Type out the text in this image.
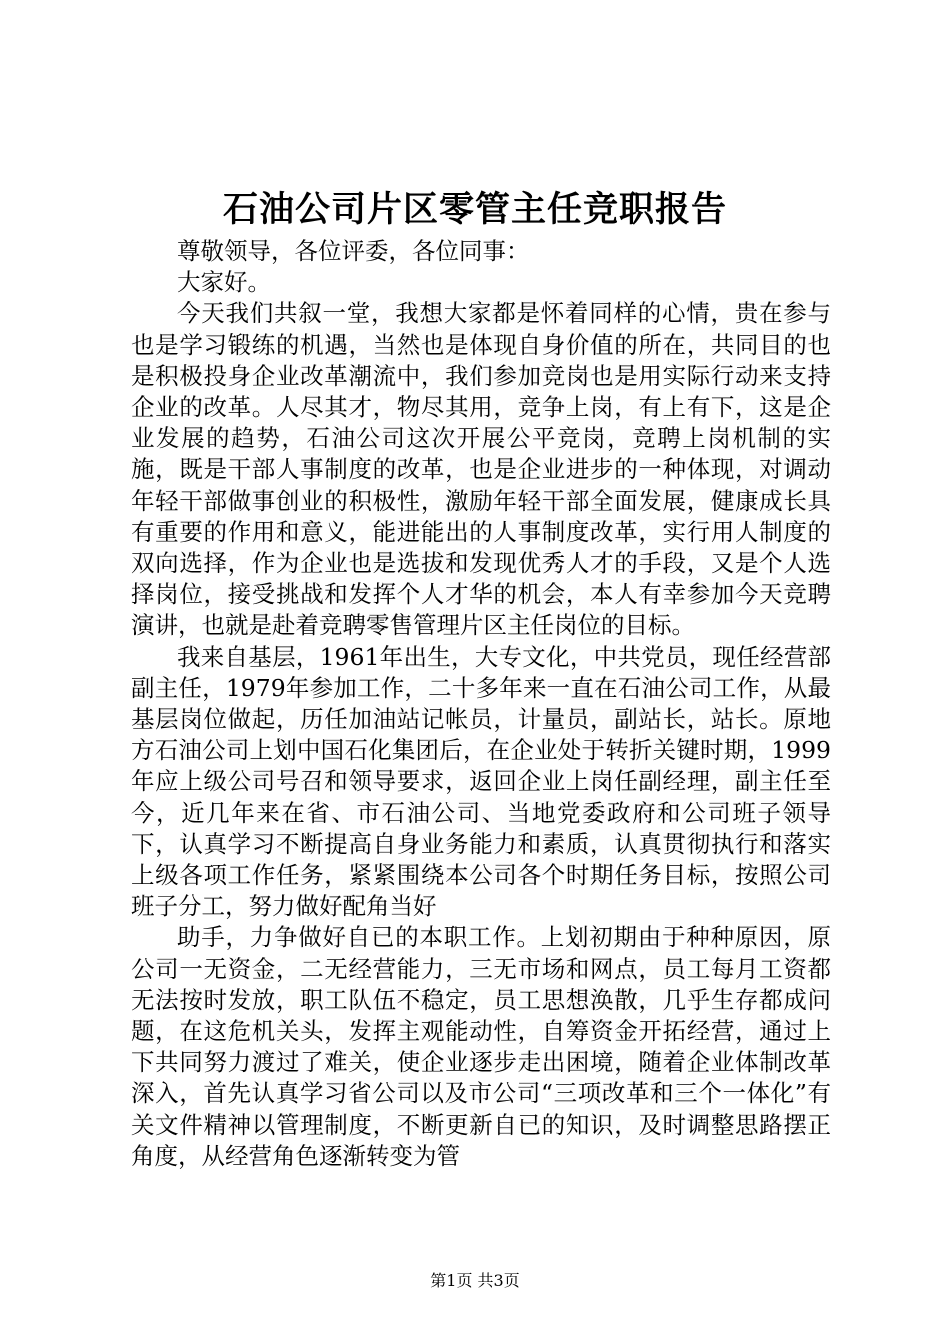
石油公司片区零管主任竞职报告

尊敬领导，各位评委，各位同事：

大家好。

今天我们共叙一堂，我想大家都是怀着同样的心情，贵在参与也是学习锻练的机遇，当然也是体现自身价值的所在，共同目的也是积极投身企业改革潮流中，我们参加竞岗也是用实际行动来支持企业的改革。人尽其才，物尽其用，竞争上岗，有上有下，这是企业发展的趋势，石油公司这次开展公平竞岗，竞聘上岗机制的实施，既是干部人事制度的改革，也是企业进步的一种体现，对调动年轻干部做事创业的积极性，激励年轻干部全面发展，健康成长具有重要的作用和意义，能进能出的人事制度改革，实行用人制度的双向选择，作为企业也是选拔和发现优秀人才的手段，又是个人选择岗位，接受挑战和发挥个人才华的机会，本人有幸参加今天竞聘演讲，也就是赴着竞聘零售管理片区主任岗位的目标。

我来自基层，1961年出生，大专文化，中共党员，现任经营部副主任，1979年参加工作，二十多年来一直在石油公司工作，从最基层岗位做起，历任加油站记帐员，计量员，副站长，站长。原地方石油公司上划中国石化集团后，在企业处于转折关键时期，1999年应上级公司号召和领导要求，返回企业上岗任副经理，副主任至今，近几年来在省、市石油公司、当地党委政府和公司班子领导下，认真学习不断提高自身业务能力和素质，认真贯彻执行和落实上级各项工作任务，紧紧围绕本公司各个时期任务目标，按照公司班子分工，努力做好配角当好

助手，力争做好自已的本职工作。上划初期由于种种原因，原公司一无资金，二无经营能力，三无市场和网点，员工每月工资都无法按时发放，职工队伍不稳定，员工思想涣散，几乎生存都成问题，在这危机关头，发挥主观能动性，自筹资金开拓经营，通过上下共同努力渡过了难关，使企业逐步走出困境，随着企业体制改革深入，首先认真学习省公司以及市公司“三项改革和三个一体化”有关文件精神以管理制度，不断更新自已的知识，及时调整思路摆正角度，从经营角色逐渐转变为管

第1页 共3页
